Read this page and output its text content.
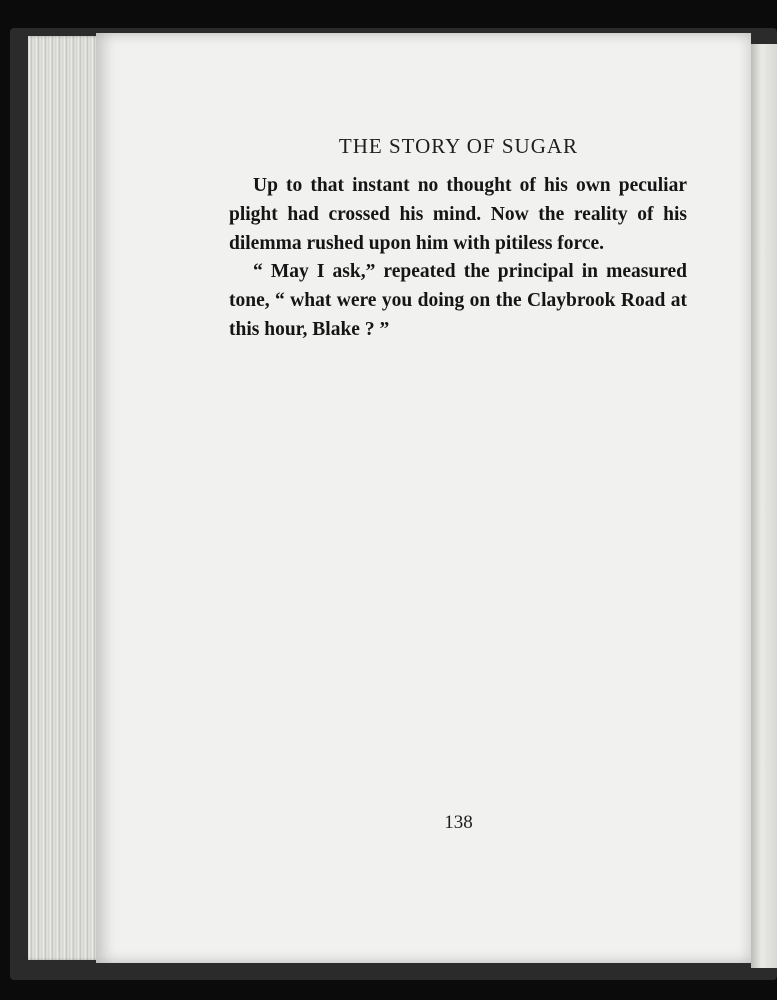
THE STORY OF SUGAR

Up to that instant no thought of his own peculiar plight had crossed his mind. Now the reality of his dilemma rushed upon him with pitiless force.

“ May I ask,” repeated the principal in measured tone, “ what were you doing on the Claybrook Road at this hour, Blake ? ”

138
